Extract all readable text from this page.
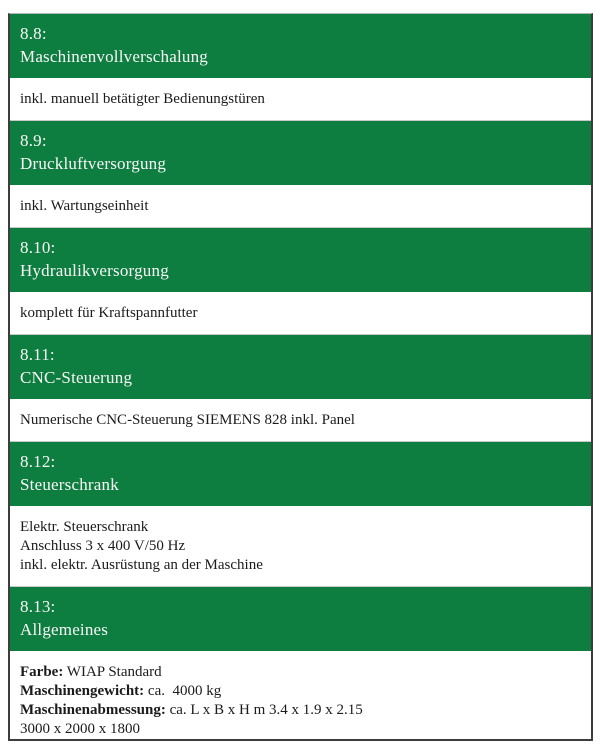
8.8:
Maschinenvollverschalung
inkl. manuell betätigter Bedienungstüren
8.9:
Druckluftversorgung
inkl. Wartungseinheit
8.10:
Hydraulikversorgung
komplett für Kraftspannfutter
8.11:
CNC-Steuerung
Numerische CNC-Steuerung SIEMENS 828 inkl. Panel
8.12:
Steuerschrank
Elektr. Steuerschrank
Anschluss 3 x 400 V/50 Hz
inkl. elektr. Ausrüstung an der Maschine
8.13:
Allgemeines
Farbe: WIAP Standard
Maschinengewicht: ca.  4000 kg
Maschinenabmessung: ca. L x B x H m 3.4 x 1.9 x 2.15
3000 x 2000 x 1800
